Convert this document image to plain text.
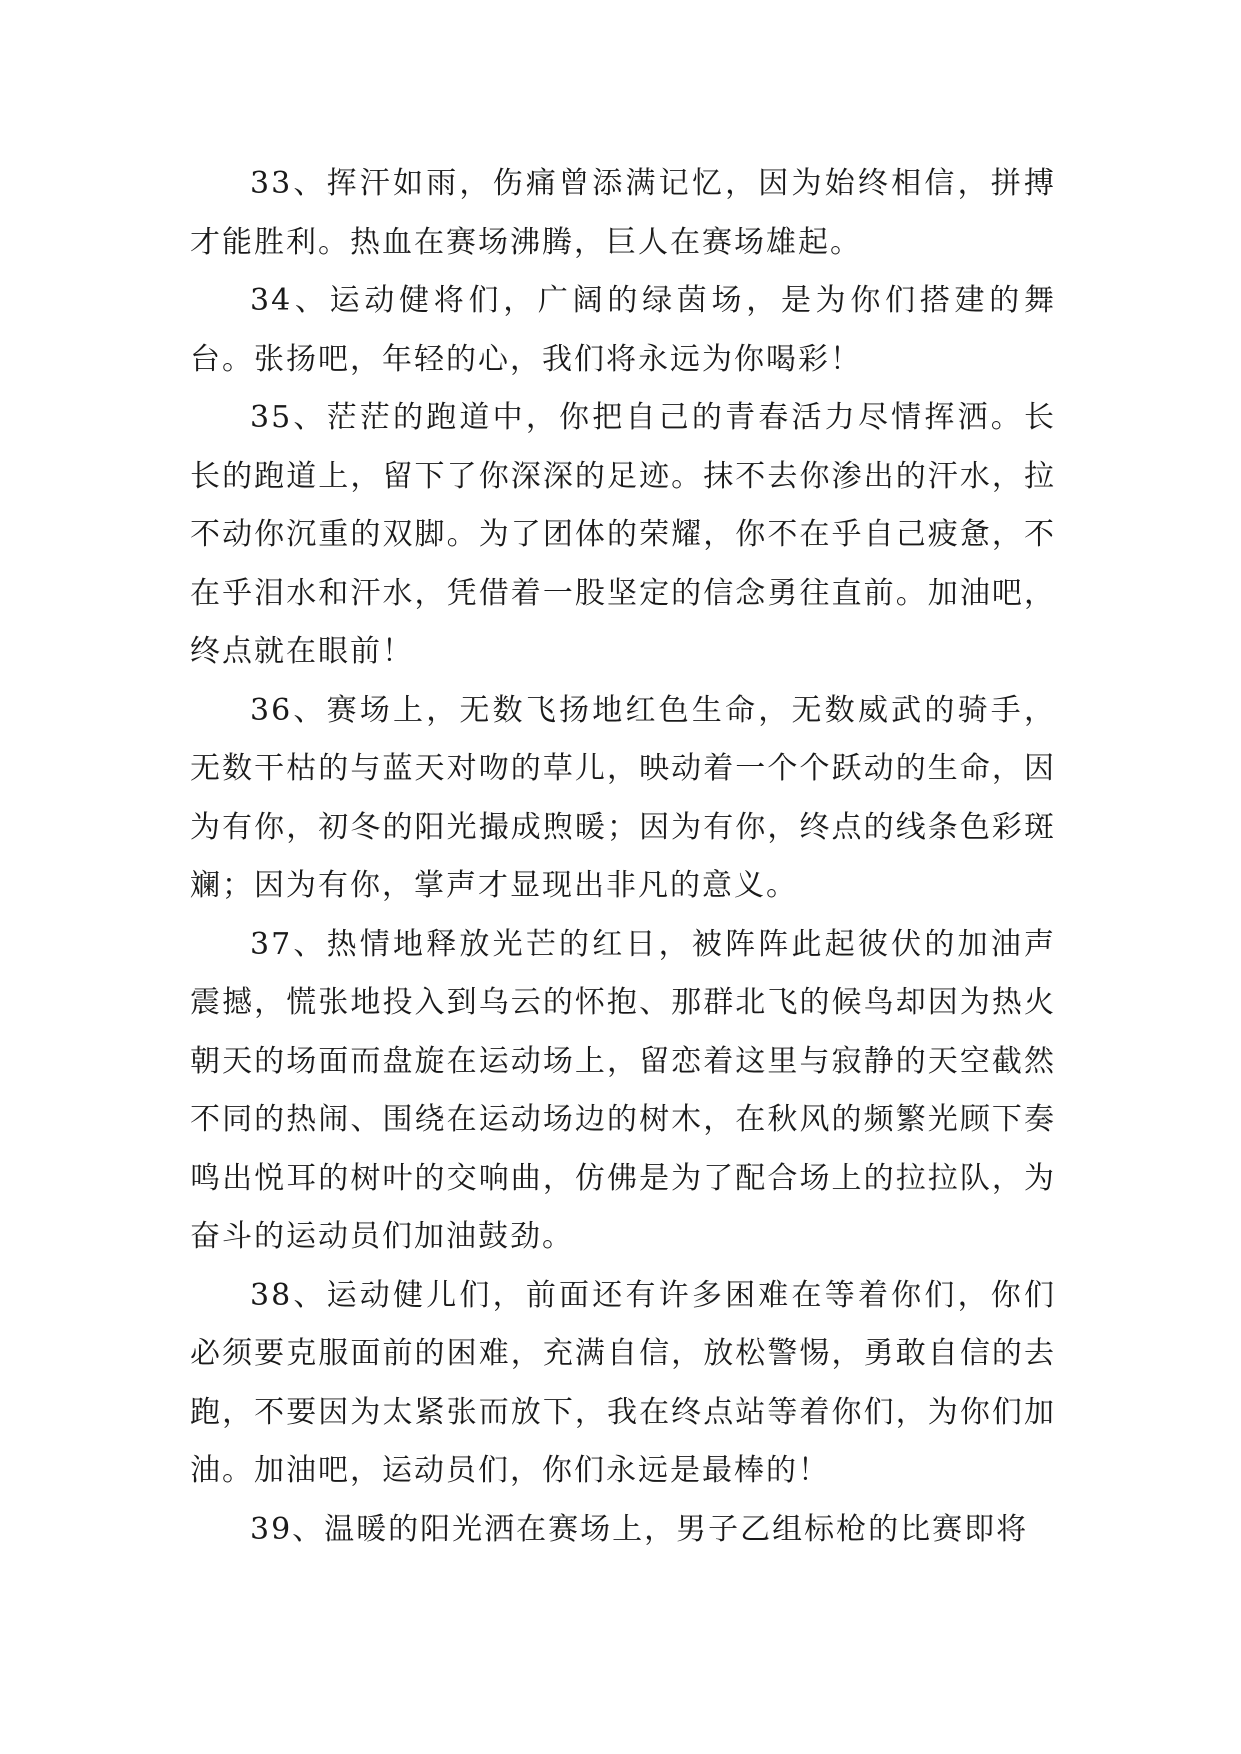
33、挥汗如雨，伤痛曾添满记忆，因为始终相信，拼搏才能胜利。热血在赛场沸腾，巨人在赛场雄起。

34、运动健将们，广阔的绿茵场，是为你们搭建的舞台。张扬吧，年轻的心，我们将永远为你喝彩！

35、茫茫的跑道中，你把自己的青春活力尽情挥洒。长长的跑道上，留下了你深深的足迹。抹不去你渗出的汗水，拉不动你沉重的双脚。为了团体的荣耀，你不在乎自己疲惫，不在乎泪水和汗水，凭借着一股坚定的信念勇往直前。加油吧，终点就在眼前！

36、赛场上，无数飞扬地红色生命，无数威武的骑手，无数干枯的与蓝天对吻的草儿，映动着一个个跃动的生命，因为有你，初冬的阳光撮成煦暖；因为有你，终点的线条色彩斑斓；因为有你，掌声才显现出非凡的意义。

37、热情地释放光芒的红日，被阵阵此起彼伏的加油声震撼，慌张地投入到乌云的怀抱、那群北飞的候鸟却因为热火朝天的场面而盘旋在运动场上，留恋着这里与寂静的天空截然不同的热闹、围绕在运动场边的树木，在秋风的频繁光顾下奏鸣出悦耳的树叶的交响曲，仿佛是为了配合场上的拉拉队，为奋斗的运动员们加油鼓劲。

38、运动健儿们，前面还有许多困难在等着你们，你们必须要克服面前的困难，充满自信，放松警惕，勇敢自信的去跑，不要因为太紧张而放下，我在终点站等着你们，为你们加油。加油吧，运动员们，你们永远是最棒的！

39、温暖的阳光洒在赛场上，男子乙组标枪的比赛即将
